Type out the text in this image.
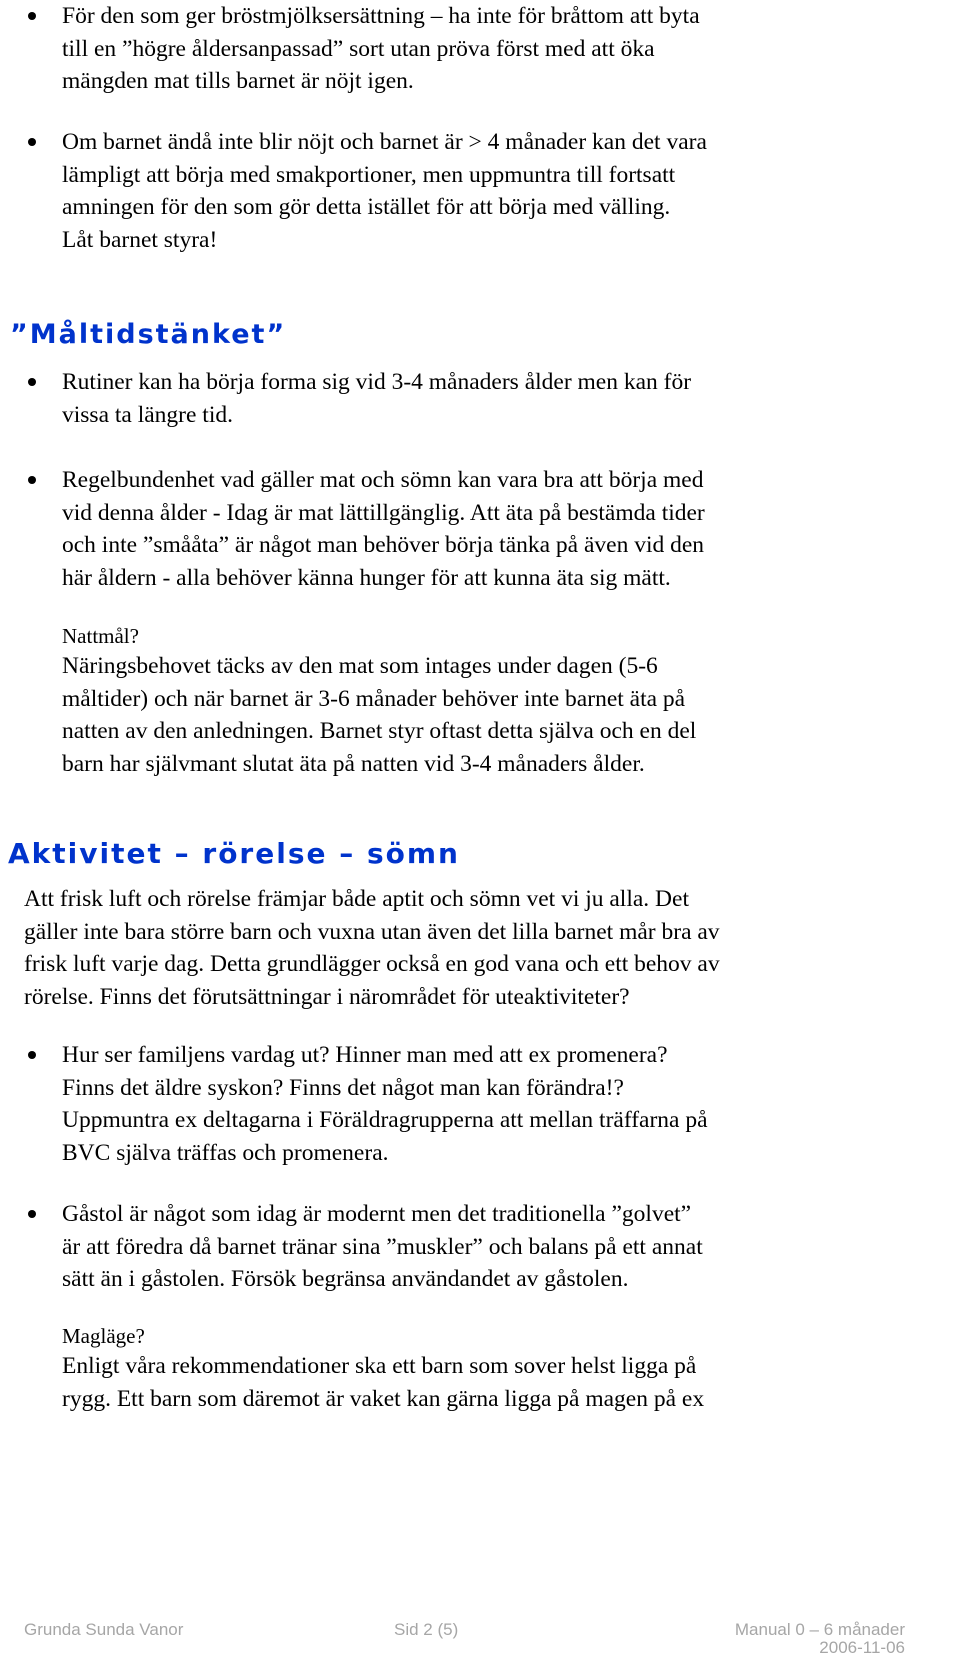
För den som ger bröstmjölksersättning – ha inte för bråttom att byta
till en ”högre åldersanpassad” sort utan pröva först med att öka
mängden mat tills barnet är nöjt igen.

Om barnet ändå inte blir nöjt och barnet är > 4 månader kan det vara
lämpligt att börja med smakportioner, men uppmuntra till fortsatt
amningen för den som gör detta istället för att börja med välling.
Låt barnet styra!

”Måltidstänket”

Rutiner kan ha börja forma sig vid 3-4 månaders ålder men kan för
vissa ta längre tid.

Regelbundenhet vad gäller mat och sömn kan vara bra att börja med
vid denna ålder - Idag är mat lättillgänglig. Att äta på bestämda tider
och inte ”smååta” är något man behöver börja tänka på även vid den
här åldern - alla behöver känna hunger för att kunna äta sig mätt.

Nattmål?

Näringsbehovet täcks av den mat som intages under dagen (5-6
måltider) och när barnet är 3-6 månader behöver inte barnet äta på
natten av den anledningen. Barnet styr oftast detta själva och en del
barn har självmant slutat äta på natten vid 3-4 månaders ålder.

Aktivitet – rörelse – sömn

Att frisk luft och rörelse främjar både aptit och sömn vet vi ju alla. Det
gäller inte bara större barn och vuxna utan även det lilla barnet mår bra av
frisk luft varje dag. Detta grundlägger också en god vana och ett behov av
rörelse. Finns det förutsättningar i närområdet för uteaktiviteter?

Hur ser familjens vardag ut? Hinner man med att ex promenera?
Finns det äldre syskon? Finns det något man kan förändra!?
Uppmuntra ex deltagarna i Föräldragrupperna att mellan träffarna på
BVC själva träffas och promenera.

Gåstol är något som idag är modernt men det traditionella ”golvet”
är att föredra då barnet tränar sina ”muskler” och balans på ett annat
sätt än i gåstolen. Försök begränsa användandet av gåstolen.

Magläge?

Enligt våra rekommendationer ska ett barn som sover helst ligga på
rygg. Ett barn som däremot är vaket kan gärna ligga på magen på ex

Grunda Sunda Vanor	Sid 2 (5)	Manual 0 – 6 månader

2006-11-06
